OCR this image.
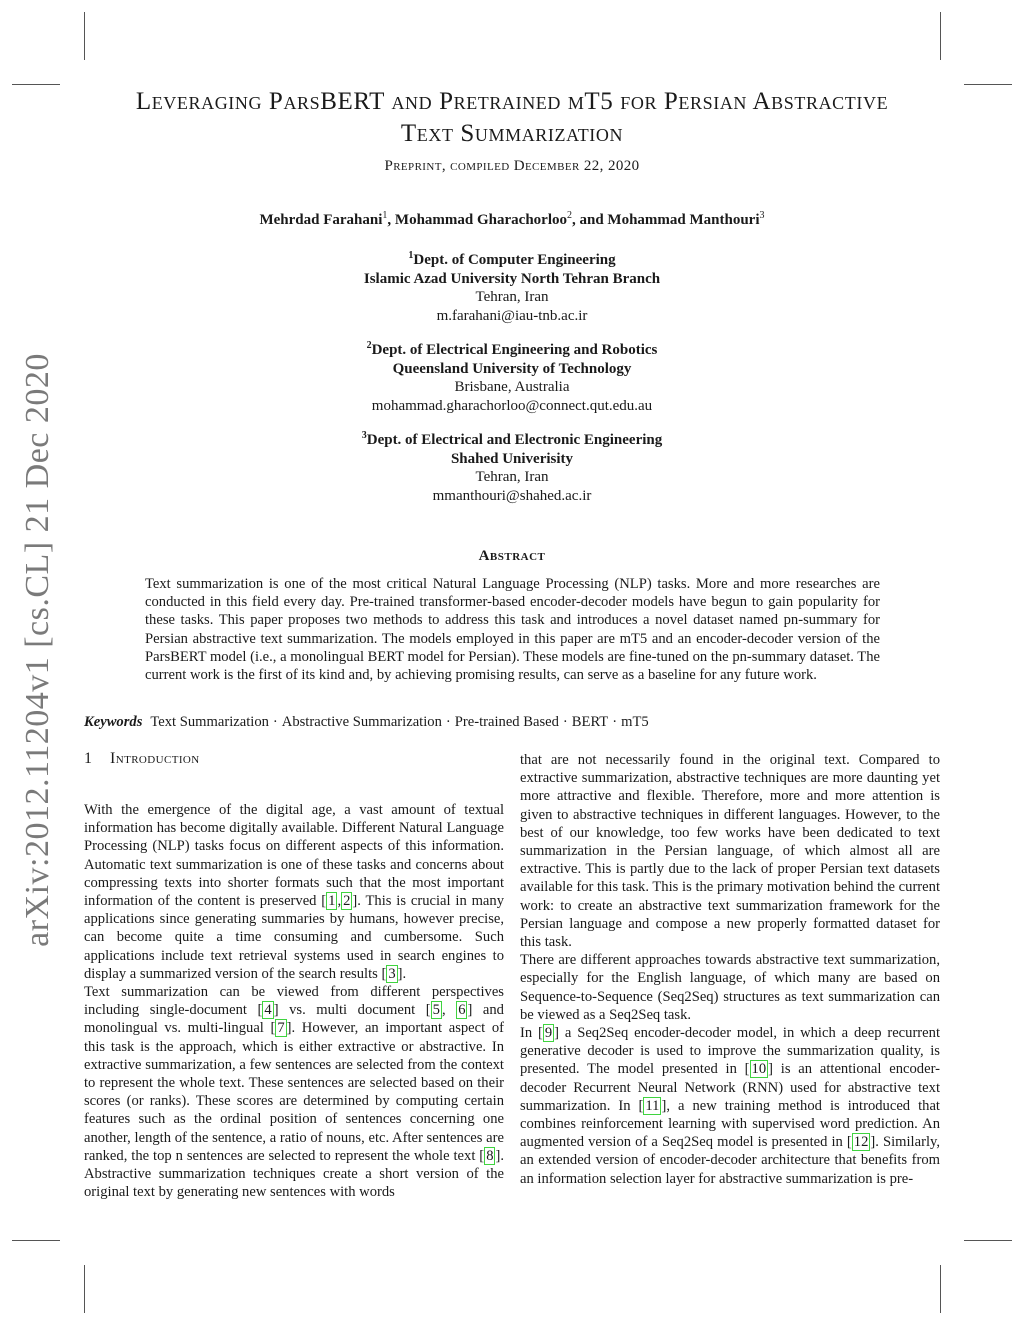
arXiv:2012.11204v1 [cs.CL] 21 Dec 2020
Leveraging ParsBERT and Pretrained mT5 for Persian Abstractive
Text Summarization
Preprint, compiled December 22, 2020
Mehrdad Farahani$^1$, Mohammad Gharachorloo$^2$, and Mohammad Manthouri$^3$
$^1$Dept. of Computer Engineering
Islamic Azad University North Tehran Branch
Tehran, Iran
m.farahani@iau-tnb.ac.ir
$^2$Dept. of Electrical Engineering and Robotics
Queensland University of Technology
Brisbane, Australia
mohammad.gharachorloo@connect.qut.edu.au
$^3$Dept. of Electrical and Electronic Engineering
Shahed Univerisity
Tehran, Iran
mmanthouri@shahed.ac.ir
Abstract

Text summarization is one of the most critical Natural Language Processing (NLP) tasks. More and more researches are conducted in this field every day. Pre-trained transformer-based encoder-decoder models have begun to gain popularity for these tasks. This paper proposes two methods to address this task and introduces a novel dataset named pn-summary for Persian abstractive text summarization. The models employed in this paper are mT5 and an encoder-decoder version of the ParsBERT model (i.e., a monolingual BERT model for Persian). These models are fine-tuned on the pn-summary dataset. The current work is the first of its kind and, by achieving promising results, can serve as a baseline for any future work.

Keywords Text Summarization · Abstractive Summarization · Pre-trained Based · BERT · mT5
1 Introduction

With the emergence of the digital age, a vast amount of textual information has become digitally available. Different Natural Language Processing (NLP) tasks focus on different aspects of this information. Automatic text summarization is one of these tasks and concerns about compressing texts into shorter formats such that the most important information of the content is preserved [ 1 , 2 ]. This is crucial in many applications since generating summaries by humans, however precise, can become quite a time consuming and cumbersome. Such applications include text retrieval systems used in search engines to display a summarized version of the search results [ 3 ].

Text summarization can be viewed from different perspectives including single-document [ 4 ] vs. multi document [ 5 , 6 ] and monolingual vs. multi-lingual [ 7 ]. However, an important aspect of this task is the approach, which is either extractive or abstractive. In extractive summarization, a few sentences are selected from the context to represent the whole text. These sentences are selected based on their scores (or ranks). These scores are determined by computing certain features such as the ordinal position of sentences concerning one another, length of the sentence, a ratio of nouns, etc. After sentences are ranked, the top n sentences are selected to represent the whole text [ 8 ]. Abstractive summarization techniques create a short version of the original text by generating new sentences with words

that are not necessarily found in the original text. Compared to extractive summarization, abstractive techniques are more daunting yet more attractive and flexible. Therefore, more and more attention is given to abstractive techniques in different languages. However, to the best of our knowledge, too few works have been dedicated to text summarization in the Persian language, of which almost all are extractive. This is partly due to the lack of proper Persian text datasets available for this task. This is the primary motivation behind the current work: to create an abstractive text summarization framework for the Persian language and compose a new properly formatted dataset for this task.

There are different approaches towards abstractive text summarization, especially for the English language, of which many are based on Sequence-to-Sequence (Seq2Seq) structures as text summarization can be viewed as a Seq2Seq task.

In [ 9 ] a Seq2Seq encoder-decoder model, in which a deep recurrent generative decoder is used to improve the summarization quality, is presented. The model presented in [ 10 ] is an attentional encoder-decoder Recurrent Neural Network (RNN) used for abstractive text summarization. In [ 11 ], a new training method is introduced that combines reinforcement learning with supervised word prediction. An augmented version of a Seq2Seq model is presented in [ 12 ]. Similarly, an extended version of encoder-decoder architecture that benefits from an information selection layer for abstractive summarization is pre-
